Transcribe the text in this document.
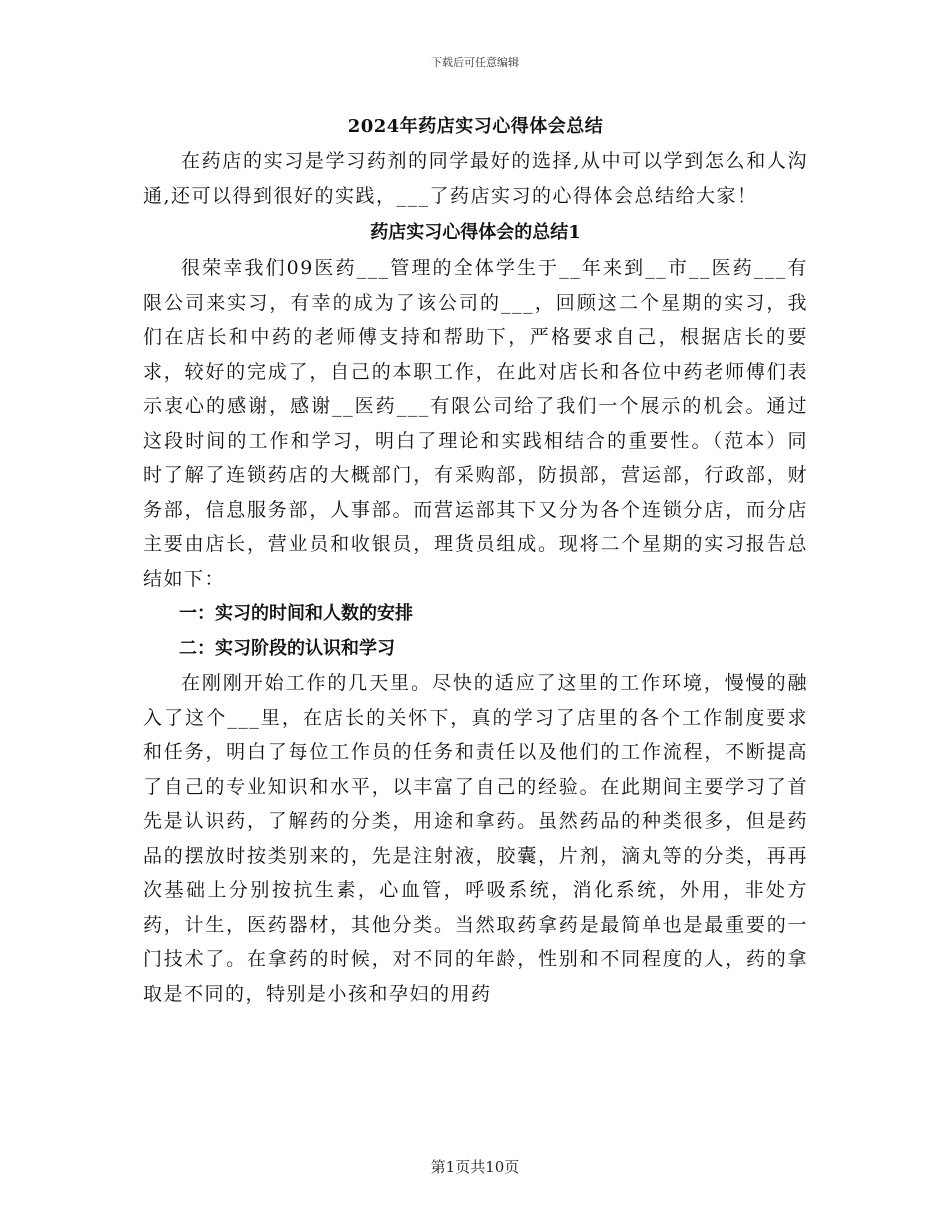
下载后可任意编辑
2024年药店实习心得体会总结

在药店的实习是学习药剂的同学最好的选择,从中可以学到怎么和人沟通,还可以得到很好的实践，___了药店实习的心得体会总结给大家！

药店实习心得体会的总结1

很荣幸我们09医药___管理的全体学生于__年来到__市__医药___有限公司来实习，有幸的成为了该公司的___，回顾这二个星期的实习，我们在店长和中药的老师傅支持和帮助下，严格要求自己，根据店长的要求，较好的完成了，自己的本职工作，在此对店长和各位中药老师傅们表示衷心的感谢，感谢__医药___有限公司给了我们一个展示的机会。通过这段时间的工作和学习，明白了理论和实践相结合的重要性。（范本）同时了解了连锁药店的大概部门，有采购部，防损部，营运部，行政部，财务部，信息服务部，人事部。而营运部其下又分为各个连锁分店，而分店主要由店长，营业员和收银员，理货员组成。现将二个星期的实习报告总结如下：

一：实习的时间和人数的安排

二：实习阶段的认识和学习

在刚刚开始工作的几天里。尽快的适应了这里的工作环境，慢慢的融入了这个___里，在店长的关怀下，真的学习了店里的各个工作制度要求和任务，明白了每位工作员的任务和责任以及他们的工作流程，不断提高了自己的专业知识和水平，以丰富了自己的经验。在此期间主要学习了首先是认识药，了解药的分类，用途和拿药。虽然药品的种类很多，但是药品的摆放时按类别来的，先是注射液，胶囊，片剂，滴丸等的分类，再再次基础上分别按抗生素，心血管，呼吸系统，消化系统，外用，非处方药，计生，医药器材，其他分类。当然取药拿药是最简单也是最重要的一门技术了。在拿药的时候，对不同的年龄，性别和不同程度的人，药的拿取是不同的，特别是小孩和孕妇的用药

第1页共10页
